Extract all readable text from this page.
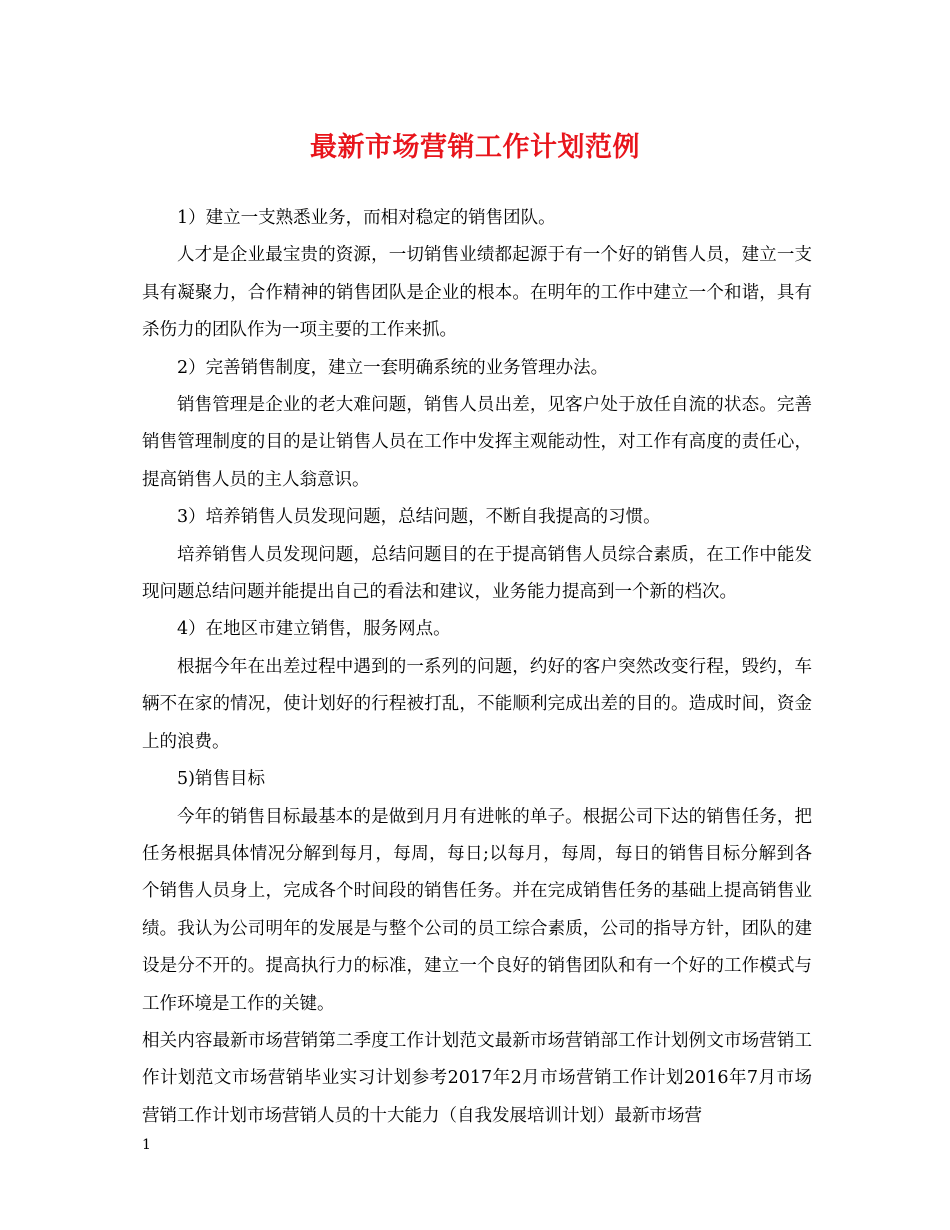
最新市场营销工作计划范例

1）建立一支熟悉业务，而相对稳定的销售团队。

人才是企业最宝贵的资源，一切销售业绩都起源于有一个好的销售人员，建立一支具有凝聚力，合作精神的销售团队是企业的根本。在明年的工作中建立一个和谐，具有杀伤力的团队作为一项主要的工作来抓。

2）完善销售制度，建立一套明确系统的业务管理办法。

销售管理是企业的老大难问题，销售人员出差，见客户处于放任自流的状态。完善销售管理制度的目的是让销售人员在工作中发挥主观能动性，对工作有高度的责任心，提高销售人员的主人翁意识。

3）培养销售人员发现问题，总结问题，不断自我提高的习惯。

培养销售人员发现问题，总结问题目的在于提高销售人员综合素质，在工作中能发现问题总结问题并能提出自己的看法和建议，业务能力提高到一个新的档次。

4）在地区市建立销售，服务网点。

根据今年在出差过程中遇到的一系列的问题，约好的客户突然改变行程，毁约，车辆不在家的情况，使计划好的行程被打乱，不能顺利完成出差的目的。造成时间，资金上的浪费。

5)销售目标

今年的销售目标最基本的是做到月月有进帐的单子。根据公司下达的销售任务，把任务根据具体情况分解到每月，每周，每日;以每月，每周，每日的销售目标分解到各个销售人员身上，完成各个时间段的销售任务。并在完成销售任务的基础上提高销售业绩。我认为公司明年的发展是与整个公司的员工综合素质，公司的指导方针，团队的建设是分不开的。提高执行力的标准，建立一个良好的销售团队和有一个好的工作模式与工作环境是工作的关键。

相关内容最新市场营销第二季度工作计划范文最新市场营销部工作计划例文市场营销工作计划范文市场营销毕业实习计划参考2017年2月市场营销工作计划2016年7月市场营销工作计划市场营销人员的十大能力（自我发展培训计划）最新市场营

1
